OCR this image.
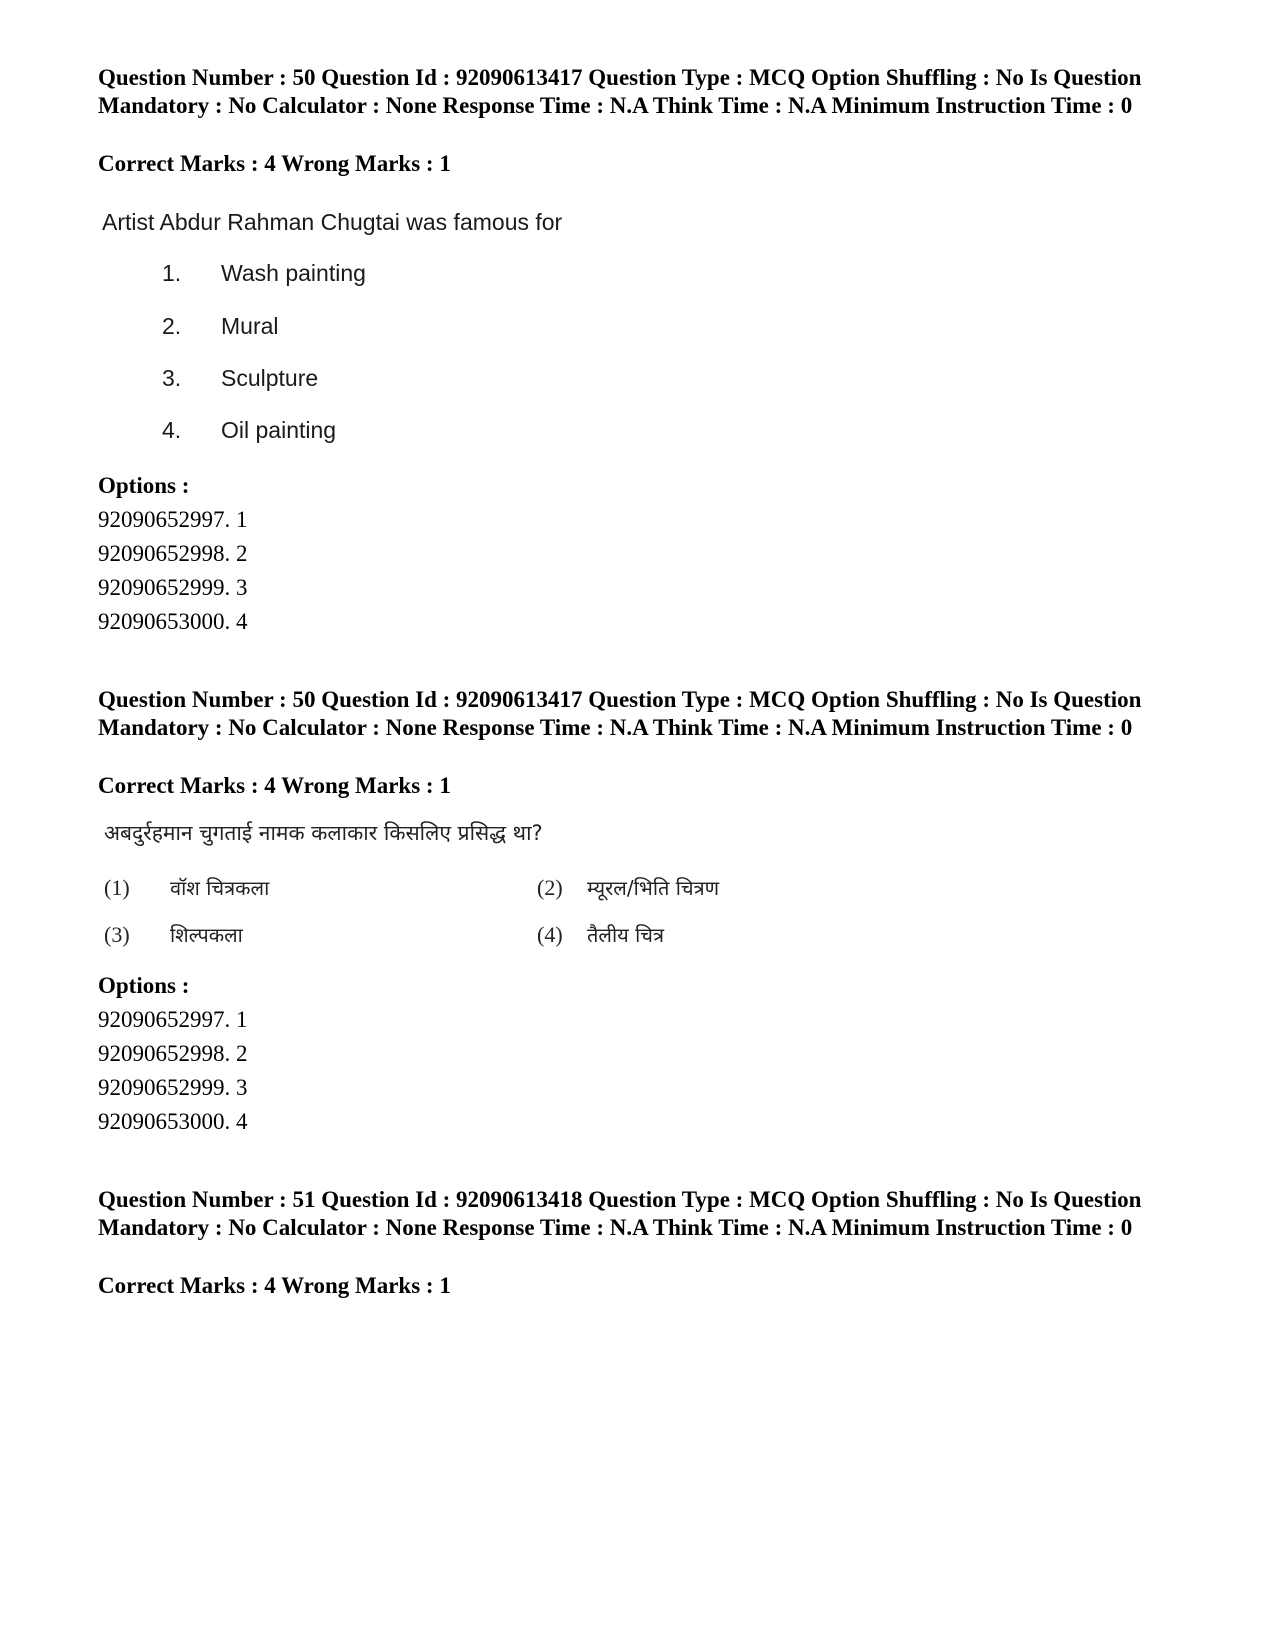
Question Number : 50 Question Id : 92090613417 Question Type : MCQ Option Shuffling : No Is Question Mandatory : No Calculator : None Response Time : N.A Think Time : N.A Minimum Instruction Time : 0

Correct Marks : 4 Wrong Marks : 1

Artist Abdur Rahman Chugtai was famous for
1. Wash painting
2. Mural
3. Sculpture
4. Oil painting
Options :
92090652997. 1
92090652998. 2
92090652999. 3
92090653000. 4

Question Number : 50 Question Id : 92090613417 Question Type : MCQ Option Shuffling : No Is Question Mandatory : No Calculator : None Response Time : N.A Think Time : N.A Minimum Instruction Time : 0

Correct Marks : 4 Wrong Marks : 1

अबदुर्रहमान चुगताई नामक कलाकार किसलिए प्रसिद्ध था?
(1) वॉश चित्रकला	(2) म्यूरल/भिति चित्रण
(3) शिल्पकला	(4) तैलीय चित्र
Options :
92090652997. 1
92090652998. 2
92090652999. 3
92090653000. 4

Question Number : 51 Question Id : 92090613418 Question Type : MCQ Option Shuffling : No Is Question Mandatory : No Calculator : None Response Time : N.A Think Time : N.A Minimum Instruction Time : 0

Correct Marks : 4 Wrong Marks : 1
